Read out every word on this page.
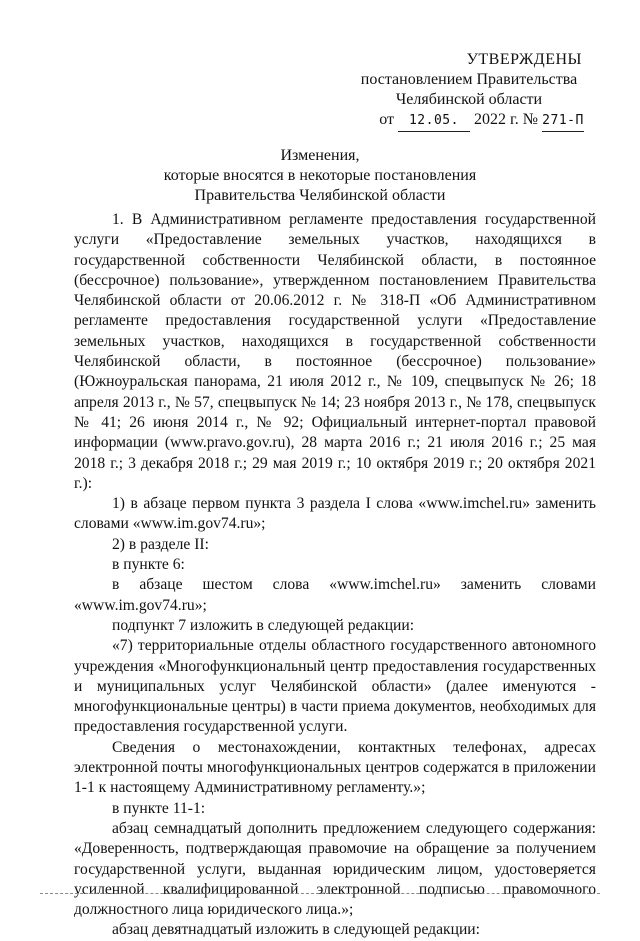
УТВЕРЖДЕНЫ
постановлением Правительства
Челябинской области
от 12.05. 2022 г. № 271-П
Изменения,
которые вносятся в некоторые постановления
Правительства Челябинской области

1. В Административном регламенте предоставления государственной услуги «Предоставление земельных участков, находящихся в государственной собственности Челябинской области, в постоянное (бессрочное) пользование», утвержденном постановлением Правительства Челябинской области от 20.06.2012 г. № 318-П «Об Административном регламенте предоставления государственной услуги «Предоставление земельных участков, находящихся в государственной собственности Челябинской области, в постоянное (бессрочное) пользование» (Южноуральская панорама, 21 июля 2012 г., № 109, спецвыпуск № 26; 18 апреля 2013 г., № 57, спецвыпуск № 14; 23 ноября 2013 г., № 178, спецвыпуск № 41; 26 июня 2014 г., № 92; Официальный интернет-портал правовой информации (www.pravo.gov.ru), 28 марта 2016 г.; 21 июля 2016 г.; 25 мая 2018 г.; 3 декабря 2018 г.; 29 мая 2019 г.; 10 октября 2019 г.; 20 октября 2021 г.):

1) в абзаце первом пункта 3 раздела I слова «www.imchel.ru» заменить словами «www.im.gov74.ru»;

2) в разделе II:

в пункте 6:

в абзаце шестом слова «www.imchel.ru» заменить словами «www.im.gov74.ru»;

подпункт 7 изложить в следующей редакции:

«7) территориальные отделы областного государственного автономного учреждения «Многофункциональный центр предоставления государственных и муниципальных услуг Челябинской области» (далее именуются - многофункциональные центры) в части приема документов, необходимых для предоставления государственной услуги.

Сведения о местонахождении, контактных телефонах, адресах электронной почты многофункциональных центров содержатся в приложении 1-1 к настоящему Административному регламенту.»;

в пункте 11-1:

абзац семнадцатый дополнить предложением следующего содержания: «Доверенность, подтверждающая правомочие на обращение за получением государственной услуги, выданная юридическим лицом, удостоверяется усиленной квалифицированной электронной подписью правомочного должностного лица юридического лица.»;

абзац девятнадцатый изложить в следующей редакции:
